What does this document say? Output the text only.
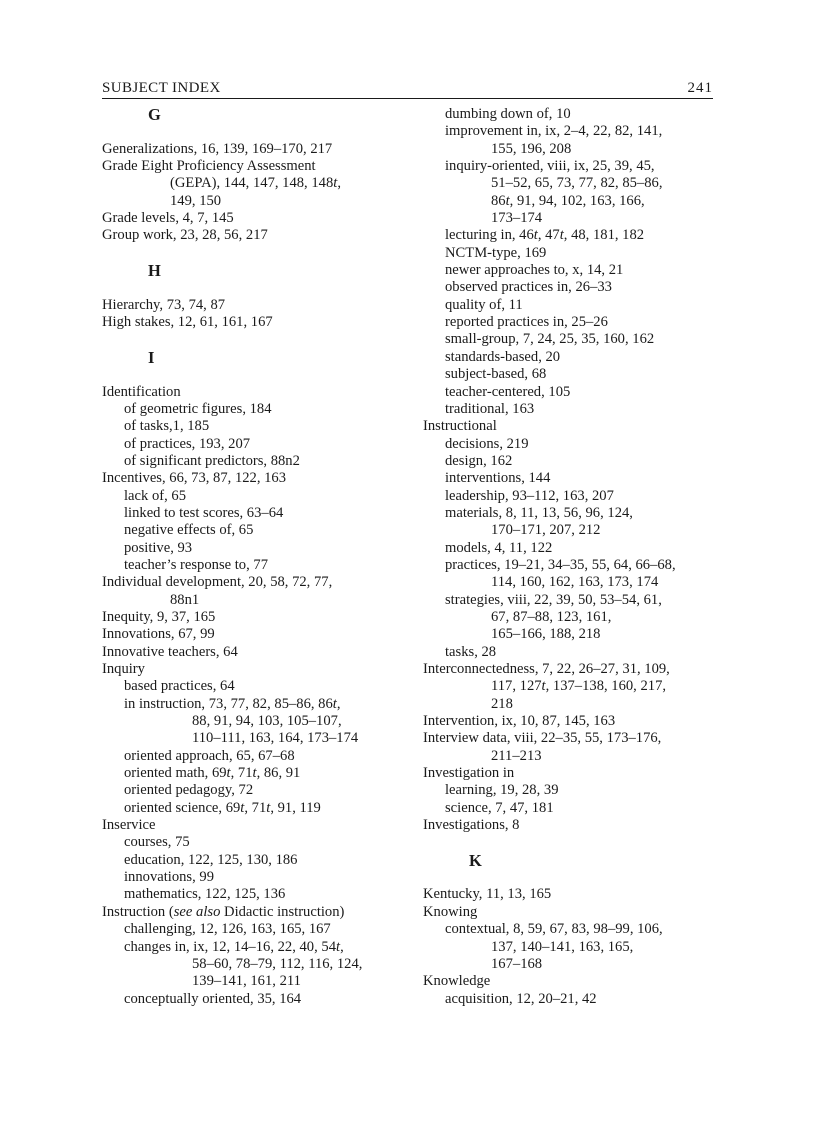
SUBJECT INDEX	241
G
Generalizations, 16, 139, 169–170, 217
Grade Eight Proficiency Assessment
(GEPA), 144, 147, 148, 148t,
149, 150
Grade levels, 4, 7, 145
Group work, 23, 28, 56, 217
H
Hierarchy, 73, 74, 87
High stakes, 12, 61, 161, 167
I
Identification
of geometric figures, 184
of tasks,1, 185
of practices, 193, 207
of significant predictors, 88n2
Incentives, 66, 73, 87, 122, 163
lack of, 65
linked to test scores, 63–64
negative effects of, 65
positive, 93
teacher’s response to, 77
Individual development, 20, 58, 72, 77,
88n1
Inequity, 9, 37, 165
Innovations, 67, 99
Innovative teachers, 64
Inquiry
based practices, 64
in instruction, 73, 77, 82, 85–86, 86t,
88, 91, 94, 103, 105–107,
110–111, 163, 164, 173–174
oriented approach, 65, 67–68
oriented math, 69t, 71t, 86, 91
oriented pedagogy, 72
oriented science, 69t, 71t, 91, 119
Inservice
courses, 75
education, 122, 125, 130, 186
innovations, 99
mathematics, 122, 125, 136
Instruction (see also Didactic instruction)
challenging, 12, 126, 163, 165, 167
changes in, ix, 12, 14–16, 22, 40, 54t,
58–60, 78–79, 112, 116, 124,
139–141, 161, 211
conceptually oriented, 35, 164
dumbing down of, 10
improvement in, ix, 2–4, 22, 82, 141,
155, 196, 208
inquiry-oriented, viii, ix, 25, 39, 45,
51–52, 65, 73, 77, 82, 85–86,
86t, 91, 94, 102, 163, 166,
173–174
lecturing in, 46t, 47t, 48, 181, 182
NCTM-type, 169
newer approaches to, x, 14, 21
observed practices in, 26–33
quality of, 11
reported practices in, 25–26
small-group, 7, 24, 25, 35, 160, 162
standards-based, 20
subject-based, 68
teacher-centered, 105
traditional, 163
Instructional
decisions, 219
design, 162
interventions, 144
leadership, 93–112, 163, 207
materials, 8, 11, 13, 56, 96, 124,
170–171, 207, 212
models, 4, 11, 122
practices, 19–21, 34–35, 55, 64, 66–68,
114, 160, 162, 163, 173, 174
strategies, viii, 22, 39, 50, 53–54, 61,
67, 87–88, 123, 161,
165–166, 188, 218
tasks, 28
Interconnectedness, 7, 22, 26–27, 31, 109,
117, 127t, 137–138, 160, 217,
218
Intervention, ix, 10, 87, 145, 163
Interview data, viii, 22–35, 55, 173–176,
211–213
Investigation in
learning, 19, 28, 39
science, 7, 47, 181
Investigations, 8
K
Kentucky, 11, 13, 165
Knowing
contextual, 8, 59, 67, 83, 98–99, 106,
137, 140–141, 163, 165,
167–168
Knowledge
acquisition, 12, 20–21, 42
